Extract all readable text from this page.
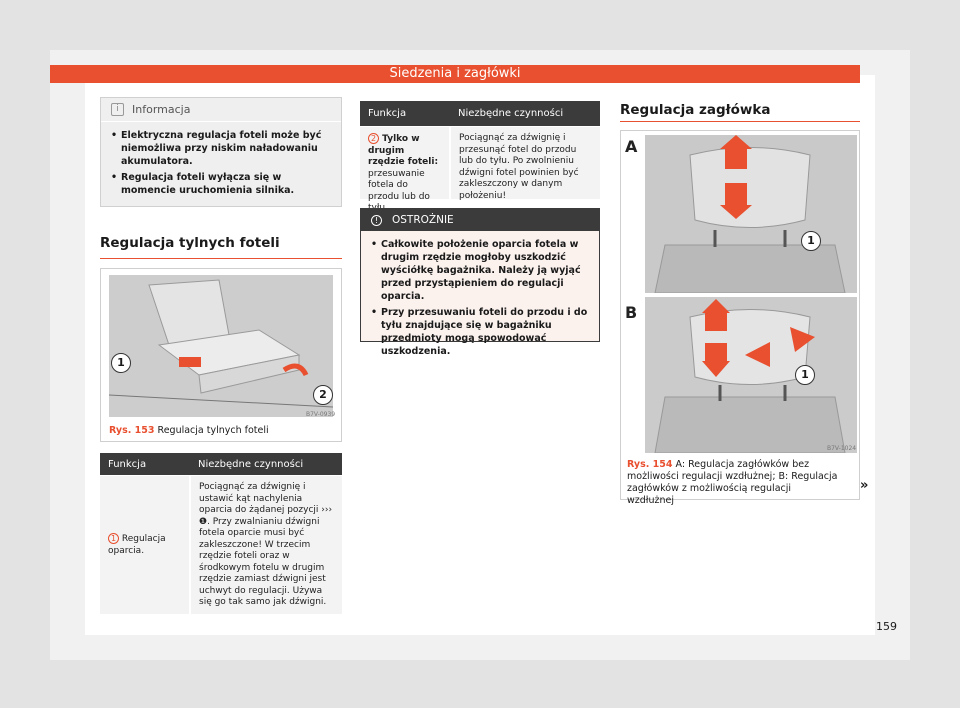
Siedzenia i zagłówki
i	Informacja
• Elektryczna regulacja foteli może być niemożliwa przy niskim naładowaniu akumulatora.
• Regulacja foteli wyłącza się w momencie uruchomienia silnika.
Regulacja tylnych foteli
1
2
B7V-0939
Rys. 153 Regulacja tylnych foteli
Funkcja	Niezbędne czynności
1 Regulacja oparcia.
Pociągnąć za dźwignię i ustawić kąt nachylenia oparcia do żądanej pozycji ››› ❶. Przy zwalnianiu dźwigni fotela oparcie musi być zakleszczone! W trzecim rzędzie foteli oraz w środkowym fotelu w drugim rzędzie zamiast dźwigni jest uchwyt do regulacji. Używa się go tak samo jak dźwigni.
Funkcja	Niezbędne czynności
2 Tylko w drugim rzędzie foteli: przesuwanie fotela do przodu lub do
Pociągnąć za dźwignię i przesunąć fotel do przodu lub do tyłu. Po zwolnieniu dźwigni fotel powinien być zakleszczony w danym położeniu!
!	OSTROŻNIE
• Całkowite położenie oparcia fotela w drugim rzędzie mogłoby uszkodzić wyściółkę bagażnika. Należy ją wyjąć przed przystąpieniem do regulacji oparcia.
• Przy przesuwaniu foteli do przodu i do tyłu znajdujące się w bagażniku przedmioty mogą spowodować uszkodzenia.
Regulacja zagłówka
A
1
B
1
B7V-1024
Rys. 154 A: Regulacja zagłówków bez możliwości regulacji wzdłużnej; B: Regulacja zagłówków z możliwością regulacji wzdłużnej
»
159
